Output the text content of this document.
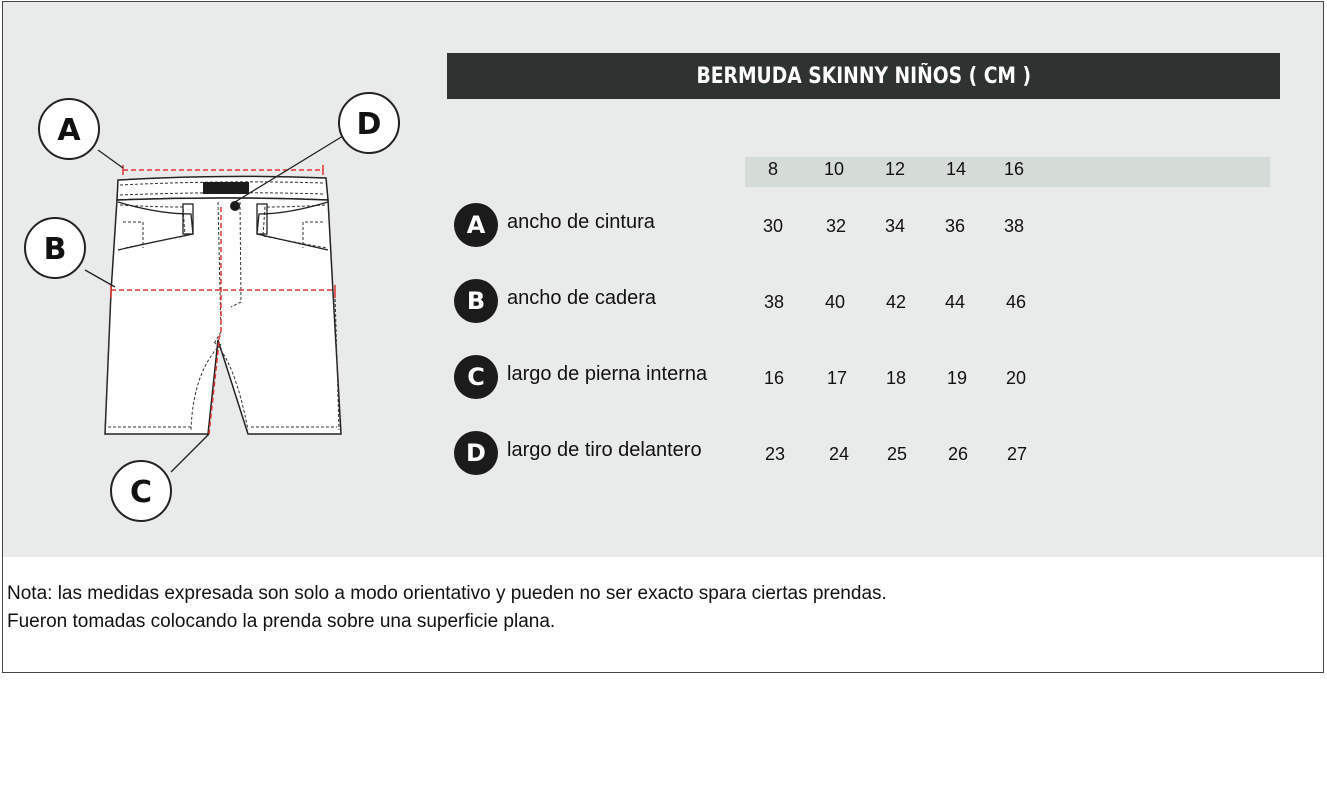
A	D
B
C
BERMUDA SKINNY NIÑOS ( CM )
8	10	12	14	16
A	ancho de cintura	30	32	34	36	38
B	ancho de cadera	38	40	42	44	46
C	largo de pierna interna	16	17	18	19	20
D	largo de tiro delantero	23	24	25	26	27
Nota: las medidas expresada son solo a modo orientativo y pueden no ser exacto spara ciertas prendas.
Fueron tomadas colocando la prenda sobre una superficie plana.
